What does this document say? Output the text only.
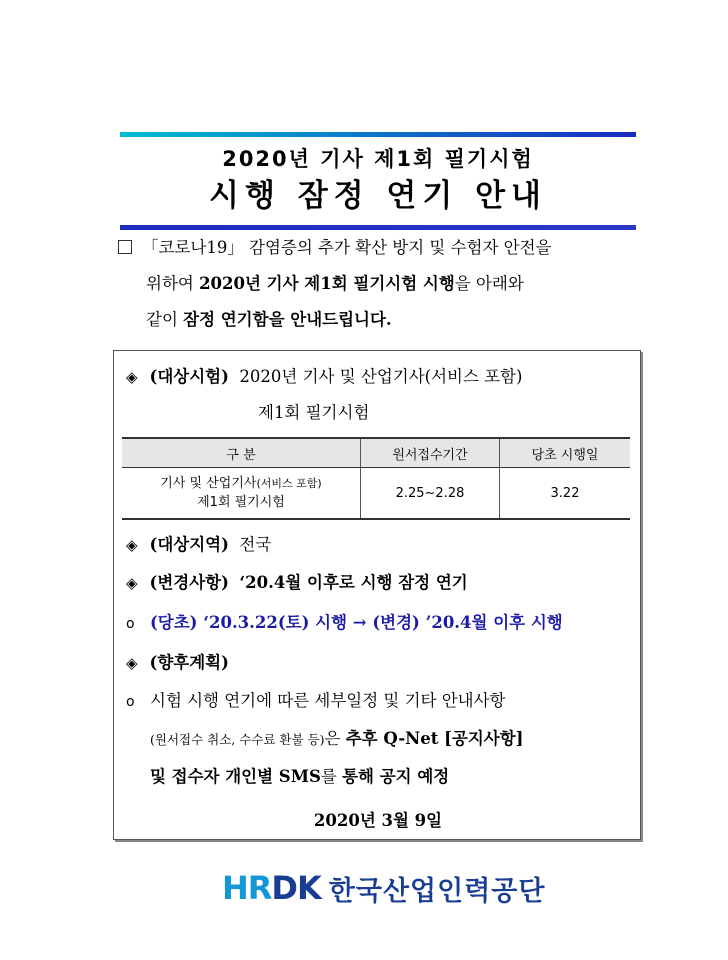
2020년 기사 제1회 필기시험
시행 잠정 연기 안내
「코로나19」 감염증의 추가 확산 방지 및 수험자 안전을
위하여 2020년 기사 제1회 필기시험 시행을 아래와
같이 잠정 연기함을 안내드립니다.
◈ (대상시험) 2020년 기사 및 산업기사(서비스 포함)
제1회 필기시험
구 분	원서접수기간	당초 시행일
기사 및 산업기사(서비스 포함)
제1회 필기시험	2.25∼2.28	3.22
◈ (대상지역) 전국
◈ (변경사항) ‘20.4월 이후로 시행 잠정 연기
o (당초) ‘20.3.22(토) 시행 → (변경) ’20.4월 이후 시행
◈ (향후계획)
o 시험 시행 연기에 따른 세부일정 및 기타 안내사항
(원서접수 취소, 수수료 환불 등)은 추후 Q-Net [공지사항]
및 접수자 개인별 SMS를 통해 공지 예정
2020년 3월 9일
HRDK 한국산업인력공단
